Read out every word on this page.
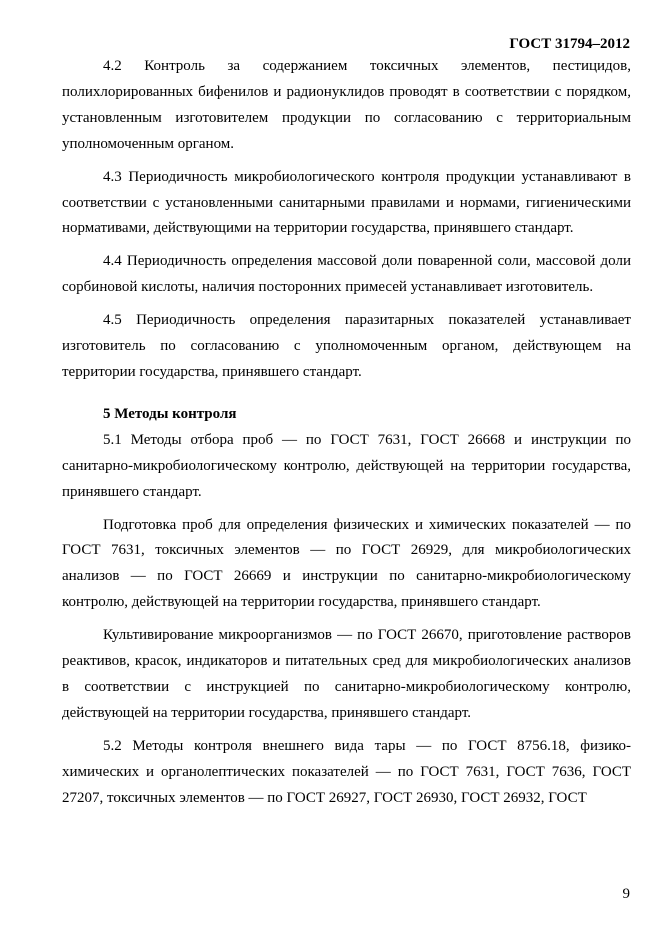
ГОСТ 31794–2012

4.2 Контроль за содержанием токсичных элементов, пестицидов, полихлорированных бифенилов и радионуклидов проводят в соответствии с порядком, установленным изготовителем продукции по согласованию с территориальным уполномоченным органом.

4.3 Периодичность микробиологического контроля продукции устанавливают в соответствии с установленными санитарными правилами и нормами, гигиеническими нормативами, действующими на территории государства, принявшего стандарт.

4.4 Периодичность определения массовой доли поваренной соли, массовой доли сорбиновой кислоты, наличия посторонних примесей устанавливает изготовитель.

4.5 Периодичность определения паразитарных показателей устанавливает изготовитель по согласованию с уполномоченным органом, действующем на территории государства, принявшего стандарт.

5 Методы контроля

5.1 Методы отбора проб — по ГОСТ 7631, ГОСТ 26668 и инструкции по санитарно-микробиологическому контролю, действующей на территории государства, принявшего стандарт.

Подготовка проб для определения физических и химических показателей — по ГОСТ 7631, токсичных элементов — по ГОСТ 26929, для микробиологических анализов — по ГОСТ 26669 и инструкции по санитарно-микробиологическому контролю, действующей на территории государства, принявшего стандарт.

Культивирование микроорганизмов — по ГОСТ 26670, приготовление растворов реактивов, красок, индикаторов и питательных сред для микробиологических анализов в соответствии с инструкцией по санитарно-микробиологическому контролю, действующей на территории государства, принявшего стандарт.

5.2 Методы контроля внешнего вида тары — по ГОСТ 8756.18, физико-химических и органолептических показателей — по ГОСТ 7631, ГОСТ 7636, ГОСТ 27207, токсичных элементов — по ГОСТ 26927, ГОСТ 26930, ГОСТ 26932, ГОСТ

9
